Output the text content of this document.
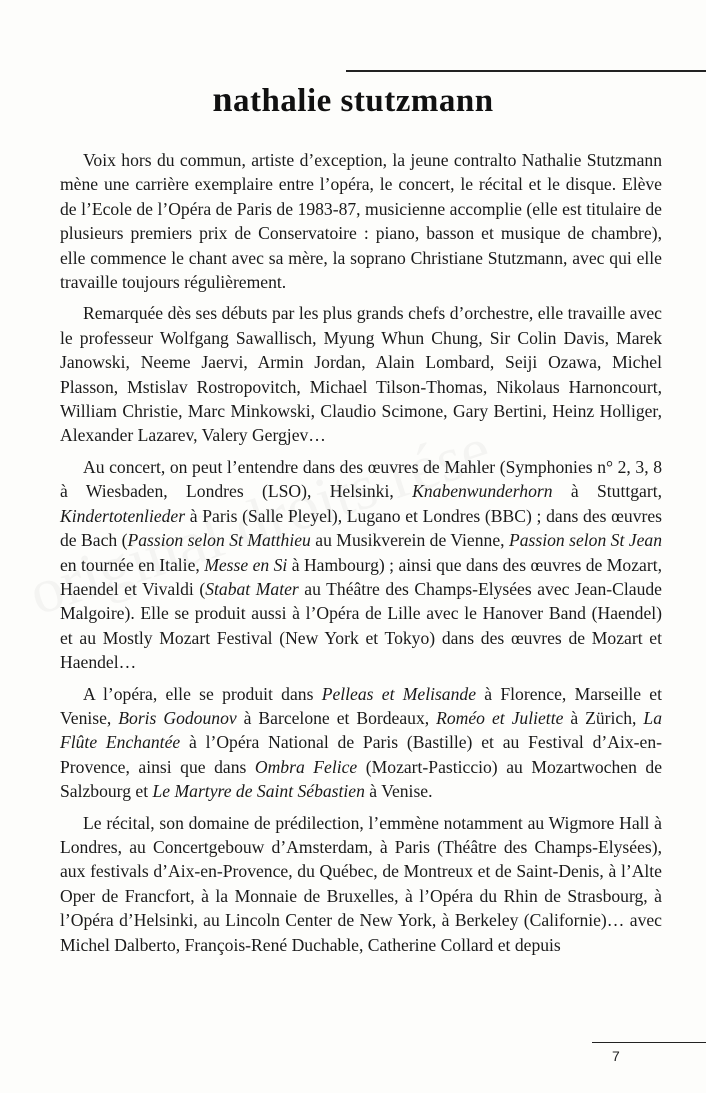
nathalie stutzmann

Voix hors du commun, artiste d’exception, la jeune contralto Nathalie Stutzmann mène une carrière exemplaire entre l’opéra, le concert, le récital et le disque. Elève de l’Ecole de l’Opéra de Paris de 1983-87, musicienne accomplie (elle est titulaire de plusieurs premiers prix de Conservatoire : piano, basson et musique de chambre), elle commence le chant avec sa mère, la soprano Christiane Stutzmann, avec qui elle travaille toujours régulièrement.

Remarquée dès ses débuts par les plus grands chefs d’orchestre, elle travaille avec le professeur Wolfgang Sawallisch, Myung Whun Chung, Sir Colin Davis, Marek Janowski, Neeme Jaervi, Armin Jordan, Alain Lombard, Seiji Ozawa, Michel Plasson, Mstislav Rostropovitch, Michael Tilson-Thomas, Nikolaus Harnoncourt, William Christie, Marc Minkowski, Claudio Scimone, Gary Bertini, Heinz Holliger, Alexander Lazarev, Valery Gergjev…

Au concert, on peut l’entendre dans des œuvres de Mahler (Symphonies n° 2, 3, 8 à Wiesbaden, Londres (LSO), Helsinki, Knabenwunderhorn à Stuttgart, Kindertotenlieder à Paris (Salle Pleyel), Lugano et Londres (BBC) ; dans des œuvres de Bach (Passion selon St Matthieu au Musikverein de Vienne, Passion selon St Jean en tournée en Italie, Messe en Si à Hambourg) ; ainsi que dans des œuvres de Mozart, Haendel et Vivaldi (Stabat Mater au Théâtre des Champs-Elysées avec Jean-Claude Malgoire). Elle se produit aussi à l’Opéra de Lille avec le Hanover Band (Haendel) et au Mostly Mozart Festival (New York et Tokyo) dans des œuvres de Mozart et Haendel…

A l’opéra, elle se produit dans Pelleas et Melisande à Florence, Marseille et Venise, Boris Godounov à Barcelone et Bordeaux, Roméo et Juliette à Zürich, La Flûte Enchantée à l’Opéra National de Paris (Bastille) et au Festival d’Aix-en-Provence, ainsi que dans Ombra Felice (Mozart-Pasticcio) au Mozartwochen de Salzbourg et Le Martyre de Saint Sébastien à Venise.

Le récital, son domaine de prédilection, l’emmène notamment au Wigmore Hall à Londres, au Concertgebouw d’Amsterdam, à Paris (Théâtre des Champs-Elysées), aux festivals d’Aix-en-Provence, du Québec, de Montreux et de Saint-Denis, à l’Alte Oper de Francfort, à la Monnaie de Bruxelles, à l’Opéra du Rhin de Strasbourg, à l’Opéra d’Helsinki, au Lincoln Center de New York, à Berkeley (Californie)… avec Michel Dalberto, François-René Duchable, Catherine Collard et depuis

7
